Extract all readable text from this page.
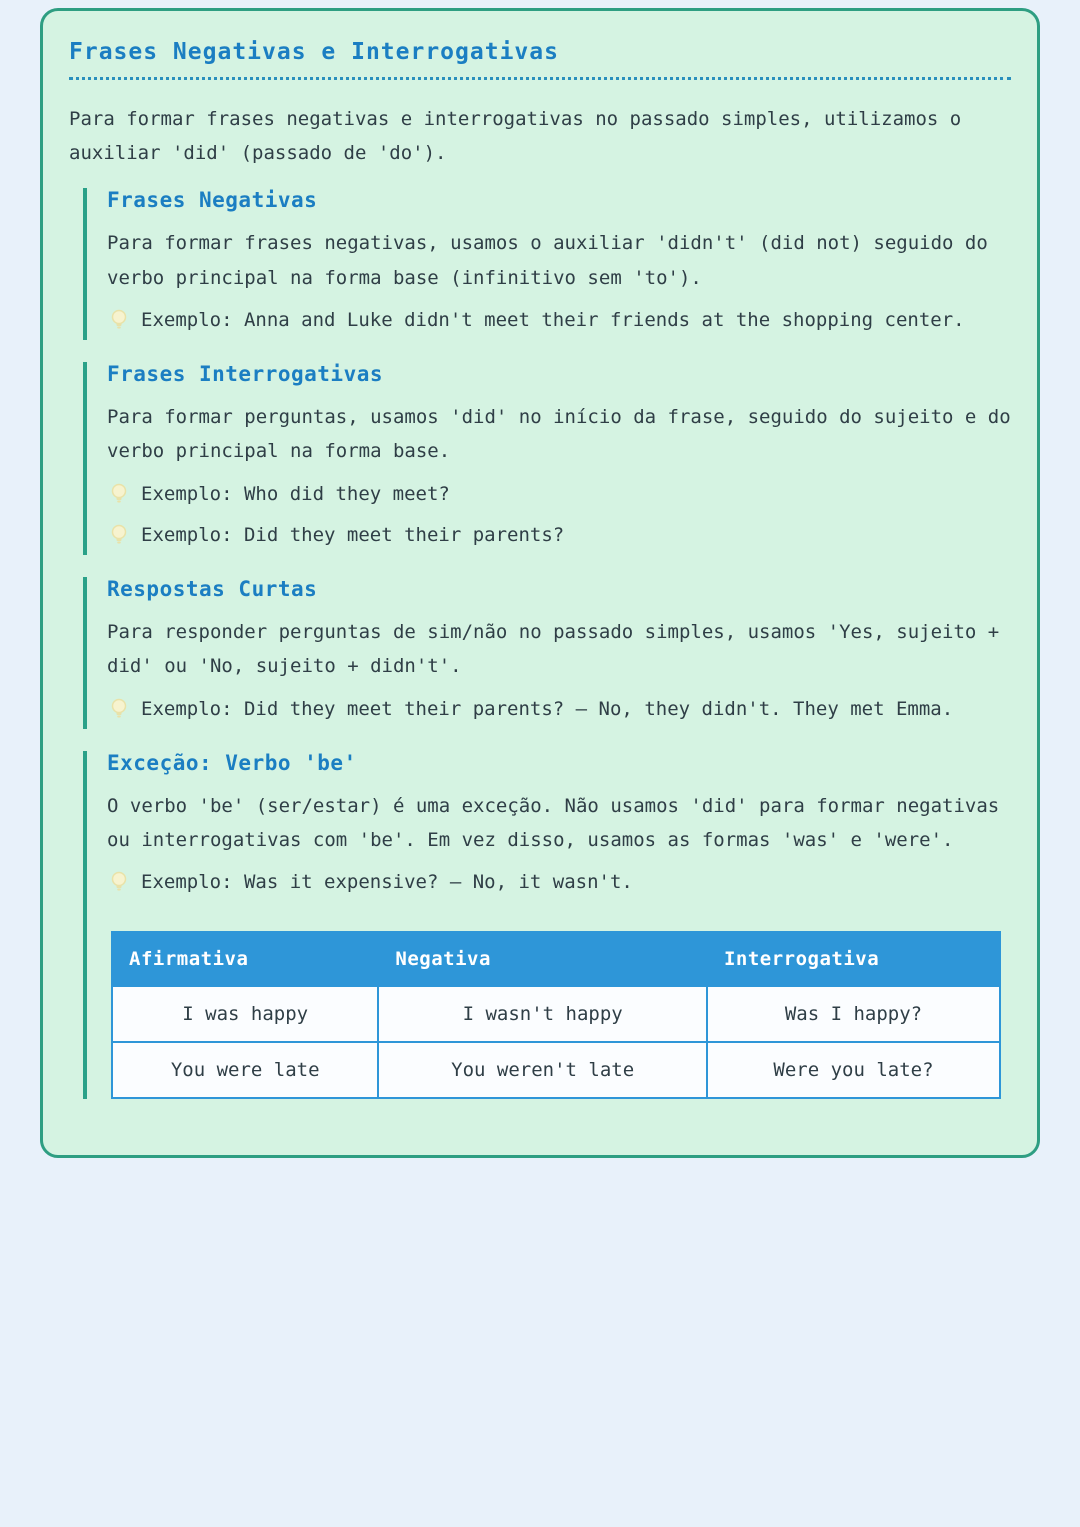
Frases Negativas e Interrogativas

Para formar frases negativas e interrogativas no passado simples, utilizamos o auxiliar 'did' (passado de 'do').

Frases Negativas

Para formar frases negativas, usamos o auxiliar 'didn't' (did not) seguido do verbo principal na forma base (infinitivo sem 'to').

Exemplo: Anna and Luke didn't meet their friends at the shopping center.
Frases Interrogativas

Para formar perguntas, usamos 'did' no início da frase, seguido do sujeito e do verbo principal na forma base.

Exemplo: Who did they meet?
Exemplo: Did they meet their parents?
Respostas Curtas

Para responder perguntas de sim/não no passado simples, usamos 'Yes, sujeito + did' ou 'No, sujeito + didn't'.

Exemplo: Did they meet their parents? – No, they didn't. They met Emma.
Exceção: Verbo 'be'

O verbo 'be' (ser/estar) é uma exceção. Não usamos 'did' para formar negativas ou interrogativas com 'be'. Em vez disso, usamos as formas 'was' e 'were'.

Exemplo: Was it expensive? – No, it wasn't.
Afirmativa	Negativa	Interrogativa
I was happy	I wasn't happy	Was I happy?
You were late	You weren't late	Were you late?
